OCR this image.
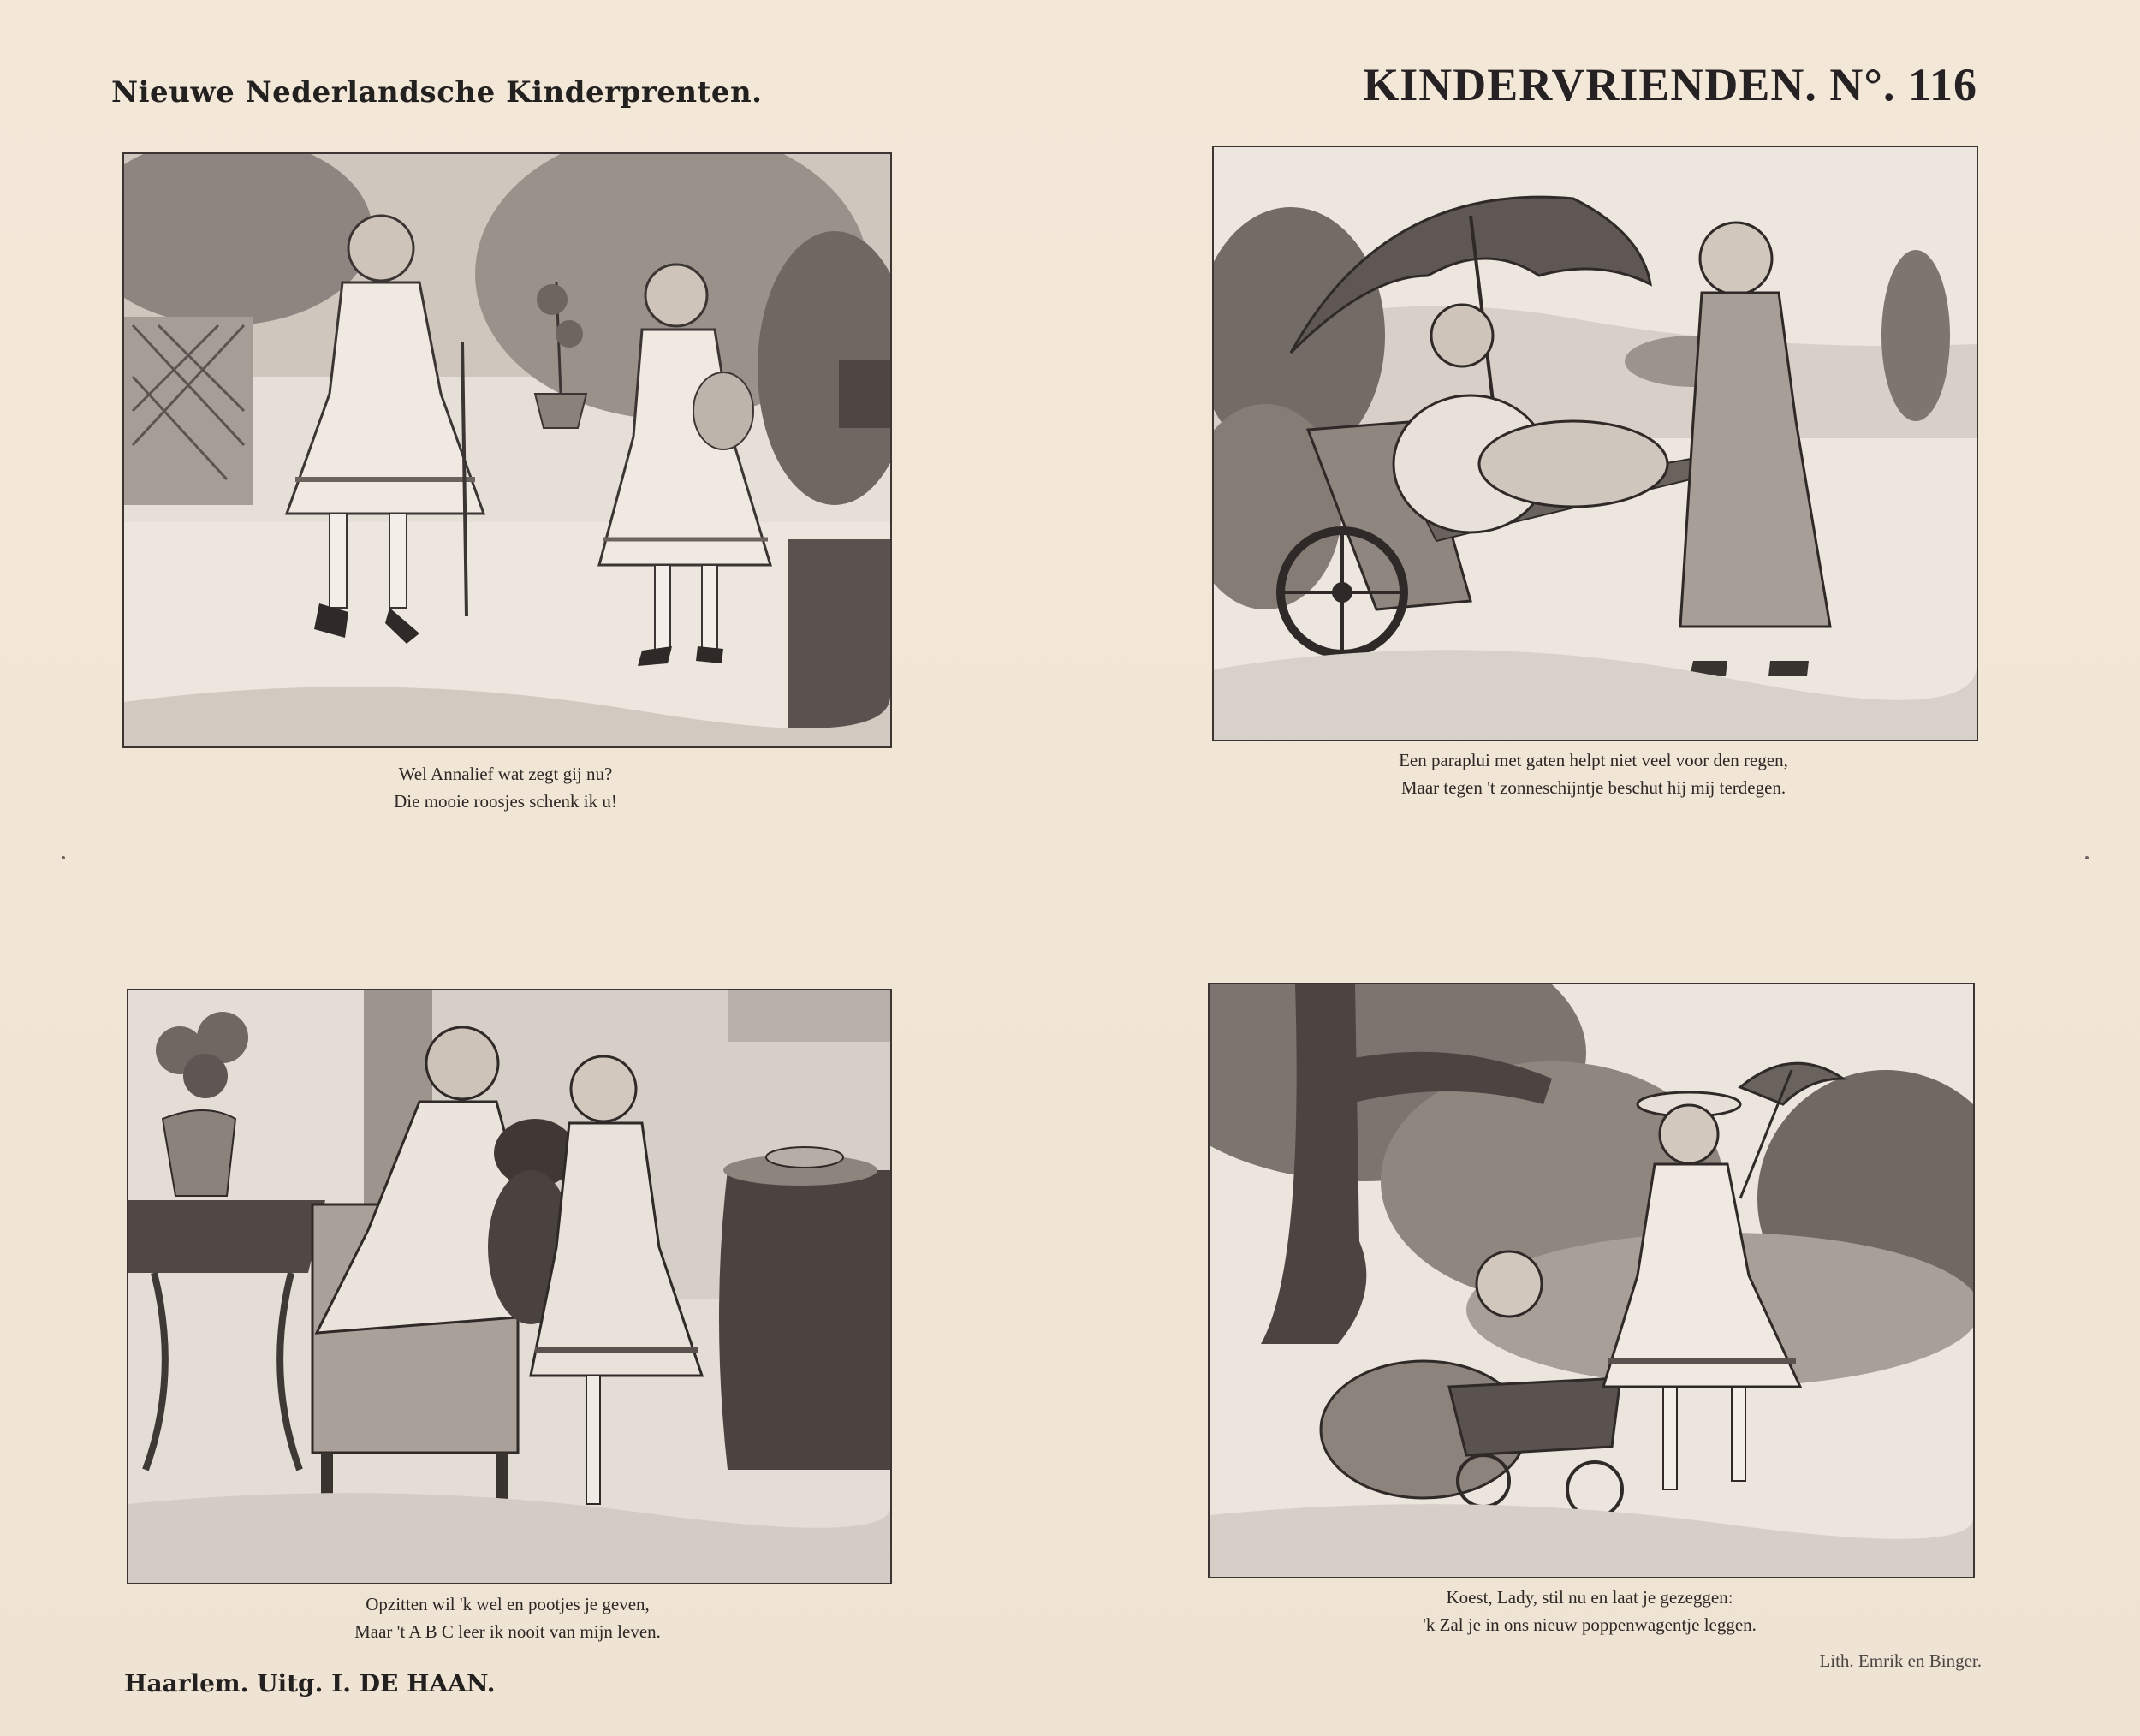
Nieuwe Nederlandsche Kinderprenten.	KINDERVRIENDEN. N°. 116
Wel Annalief wat zegt gij nu?
Die mooie roosjes schenk ik u!
Een paraplui met gaten helpt niet veel voor den regen,
Maar tegen 't zonneschijntje beschut hij mij terdegen.
Opzitten wil 'k wel en pootjes je geven,
Maar 't A B C leer ik nooit van mijn leven.
Koest, Lady, stil nu en laat je gezeggen:
'k Zal je in ons nieuw poppenwagentje leggen.
Haarlem. Uitg. I. DE HAAN.
Lith. Emrik en Binger.
